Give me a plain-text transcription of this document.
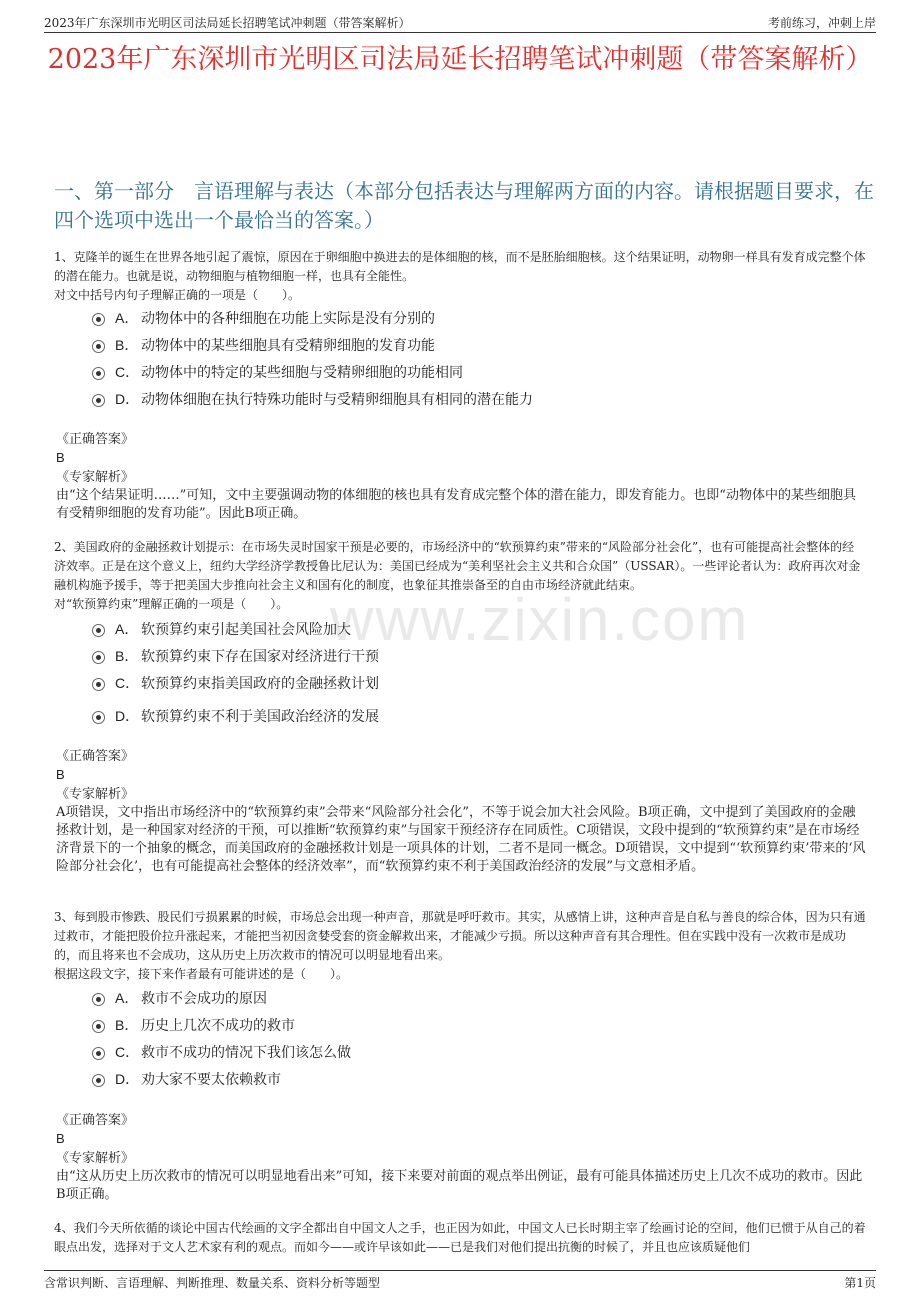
2023年广东深圳市光明区司法局延长招聘笔试冲刺题（带答案解析）	考前练习，冲刺上岸
2023年广东深圳市光明区司法局延长招聘笔试冲刺题（带答案解析）
一、第一部分　言语理解与表达（本部分包括表达与理解两方面的内容。请根据题目要求，在四个选项中选出一个最恰当的答案。）
www.zixin.com
1、克隆羊的诞生在世界各地引起了震惊，原因在于卵细胞中换进去的是体细胞的核，而不是胚胎细胞核。这个结果证明，动物卵一样具有发育成完整个体的潜在能力。也就是说，动物细胞与植物细胞一样，也具有全能性。
对文中括号内句子理解正确的一项是（　　）。
A． 动物体中的各种细胞在功能上实际是没有分别的
B． 动物体中的某些细胞具有受精卵细胞的发育功能
C． 动物体中的特定的某些细胞与受精卵细胞的功能相同
D． 动物体细胞在执行特殊功能时与受精卵细胞具有相同的潜在能力
《正确答案》
B
《专家解析》
由“这个结果证明……”可知，文中主要强调动物的体细胞的核也具有发育成完整个体的潜在能力，即发育能力。也即“动物体中的某些细胞具有受精卵细胞的发育功能”。因此B项正确。
2、美国政府的金融拯救计划提示：在市场失灵时国家干预是必要的，市场经济中的“软预算约束”带来的“风险部分社会化”，也有可能提高社会整体的经济效率。正是在这个意义上，纽约大学经济学教授鲁比尼认为：美国已经成为“美利坚社会主义共和合众国”（USSAR）。一些评论者认为：政府再次对金融机构施予援手，等于把美国大步推向社会主义和国有化的制度，也象征其推崇备至的自由市场经济就此结束。
对“软预算约束”理解正确的一项是（　　）。
A． 软预算约束引起美国社会风险加大
B． 软预算约束下存在国家对经济进行干预
C． 软预算约束指美国政府的金融拯救计划
D． 软预算约束不利于美国政治经济的发展
《正确答案》
B
《专家解析》
A项错误，文中指出市场经济中的“软预算约束”会带来“风险部分社会化”，不等于说会加大社会风险。B项正确，文中提到了美国政府的金融拯救计划，是一种国家对经济的干预，可以推断“软预算约束”与国家干预经济存在同质性。C项错误，文段中提到的“软预算约束”是在市场经济背景下的一个抽象的概念，而美国政府的金融拯救计划是一项具体的计划，二者不是同一概念。D项错误，文中提到“‘软预算约束’带来的‘风险部分社会化’，也有可能提高社会整体的经济效率”，而“软预算约束不利于美国政治经济的发展”与文意相矛盾。
3、每到股市惨跌、股民们亏损累累的时候，市场总会出现一种声音，那就是呼吁救市。其实，从感情上讲，这种声音是自私与善良的综合体，因为只有通过救市，才能把股价拉升涨起来，才能把当初因贪婪受套的资金解救出来，才能减少亏损。所以这种声音有其合理性。但在实践中没有一次救市是成功的，而且将来也不会成功，这从历史上历次救市的情况可以明显地看出来。
根据这段文字，接下来作者最有可能讲述的是（　　）。
A． 救市不会成功的原因
B． 历史上几次不成功的救市
C． 救市不成功的情况下我们该怎么做
D． 劝大家不要太依赖救市
《正确答案》
B
《专家解析》
由“这从历史上历次救市的情况可以明显地看出来”可知，接下来要对前面的观点举出例证，最有可能具体描述历史上几次不成功的救市。因此B项正确。
4、我们今天所依循的谈论中国古代绘画的文字全都出自中国文人之手，也正因为如此，中国文人已长时期主宰了绘画讨论的空间，他们已惯于从自己的着眼点出发，选择对于文人艺术家有利的观点。而如今——或许早该如此——已是我们对他们提出抗衡的时候了，并且也应该质疑他们
含常识判断、言语理解、判断推理、数量关系、资料分析等题型	第1页
